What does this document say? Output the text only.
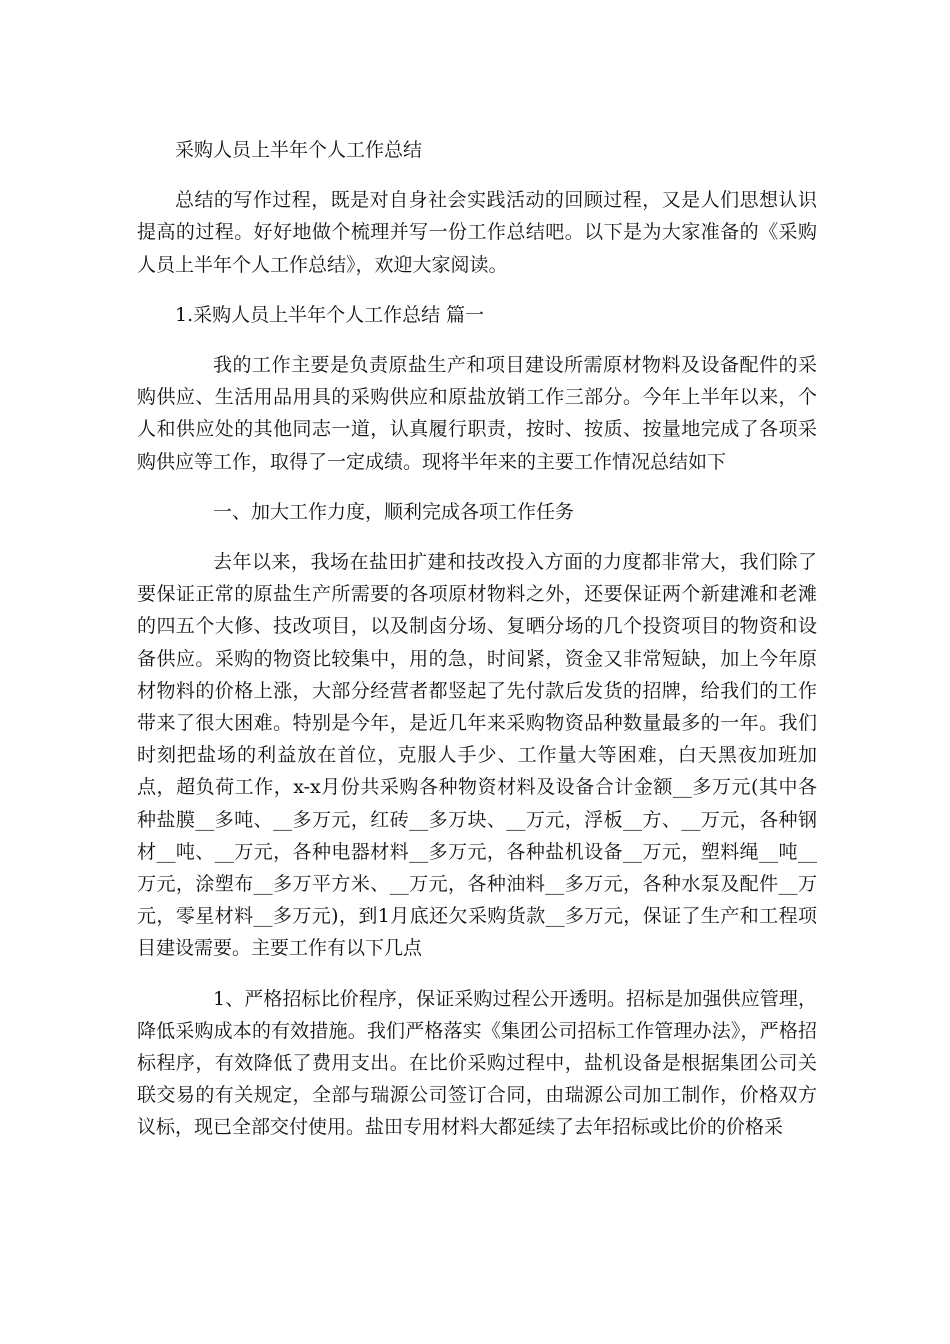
采购人员上半年个人工作总结

总结的写作过程，既是对自身社会实践活动的回顾过程，又是人们思想认识提高的过程。好好地做个梳理并写一份工作总结吧。以下是为大家准备的《采购人员上半年个人工作总结》，欢迎大家阅读。

1.采购人员上半年个人工作总结 篇一

我的工作主要是负责原盐生产和项目建设所需原材物料及设备配件的采购供应、生活用品用具的采购供应和原盐放销工作三部分。今年上半年以来，个人和供应处的其他同志一道，认真履行职责，按时、按质、按量地完成了各项采购供应等工作，取得了一定成绩。现将半年来的主要工作情况总结如下

一、加大工作力度，顺利完成各项工作任务

去年以来，我场在盐田扩建和技改投入方面的力度都非常大，我们除了要保证正常的原盐生产所需要的各项原材物料之外，还要保证两个新建滩和老滩的四五个大修、技改项目，以及制卤分场、复晒分场的几个投资项目的物资和设备供应。采购的物资比较集中，用的急，时间紧，资金又非常短缺，加上今年原材物料的价格上涨，大部分经营者都竖起了先付款后发货的招牌，给我们的工作带来了很大困难。特别是今年，是近几年来采购物资品种数量最多的一年。我们时刻把盐场的利益放在首位，克服人手少、工作量大等困难，白天黑夜加班加点，超负荷工作，x-x月份共采购各种物资材料及设备合计金额__多万元(其中各种盐膜__多吨、__多万元，红砖__多万块、__万元，浮板__方、__万元，各种钢材__吨、__万元，各种电器材料__多万元，各种盐机设备__万元，塑料绳__吨__万元，涂塑布__多万平方米、__万元，各种油料__多万元，各种水泵及配件__万元，零星材料__多万元)，到1月底还欠采购货款__多万元，保证了生产和工程项目建设需要。主要工作有以下几点

1、严格招标比价程序，保证采购过程公开透明。招标是加强供应管理，降低采购成本的有效措施。我们严格落实《集团公司招标工作管理办法》，严格招标程序，有效降低了费用支出。在比价采购过程中，盐机设备是根据集团公司关联交易的有关规定，全部与瑞源公司签订合同，由瑞源公司加工制作，价格双方议标，现已全部交付使用。盐田专用材料大都延续了去年招标或比价的价格采
